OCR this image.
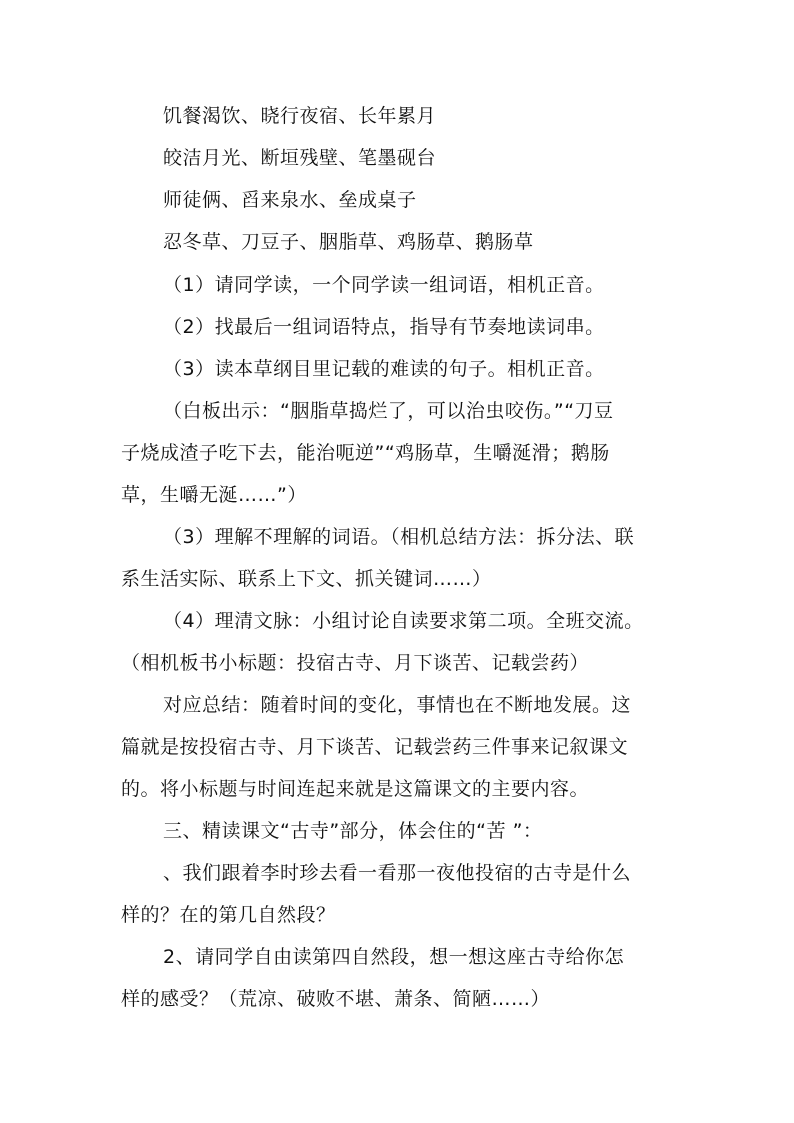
饥餐渴饮、晓行夜宿、长年累月
皎洁月光、断垣残壁、笔墨砚台
师徒俩、舀来泉水、垒成桌子
忍冬草、刀豆子、胭脂草、鸡肠草、鹅肠草
（1）请同学读，一个同学读一组词语，相机正音。
（2）找最后一组词语特点，指导有节奏地读词串。
（3）读本草纲目里记载的难读的句子。相机正音。
（白板出示：“胭脂草捣烂了，可以治虫咬伤。”“刀豆
子烧成渣子吃下去，能治呃逆”“鸡肠草，生嚼涎滑；鹅肠
草，生嚼无涎……”）
（3）理解不理解的词语。（相机总结方法：拆分法、联
系生活实际、联系上下文、抓关键词……）
（4）理清文脉：小组讨论自读要求第二项。全班交流。
（相机板书小标题：投宿古寺、月下谈苦、记载尝药）
对应总结：随着时间的变化，事情也在不断地发展。这
篇就是按投宿古寺、月下谈苦、记载尝药三件事来记叙课文
的。将小标题与时间连起来就是这篇课文的主要内容。
三、精读课文“古寺”部分，体会住的“苦 ”：
、我们跟着李时珍去看一看那一夜他投宿的古寺是什么
样的？在的第几自然段？
2、请同学自由读第四自然段，想一想这座古寺给你怎
样的感受？（荒凉、破败不堪、萧条、简陋……）
